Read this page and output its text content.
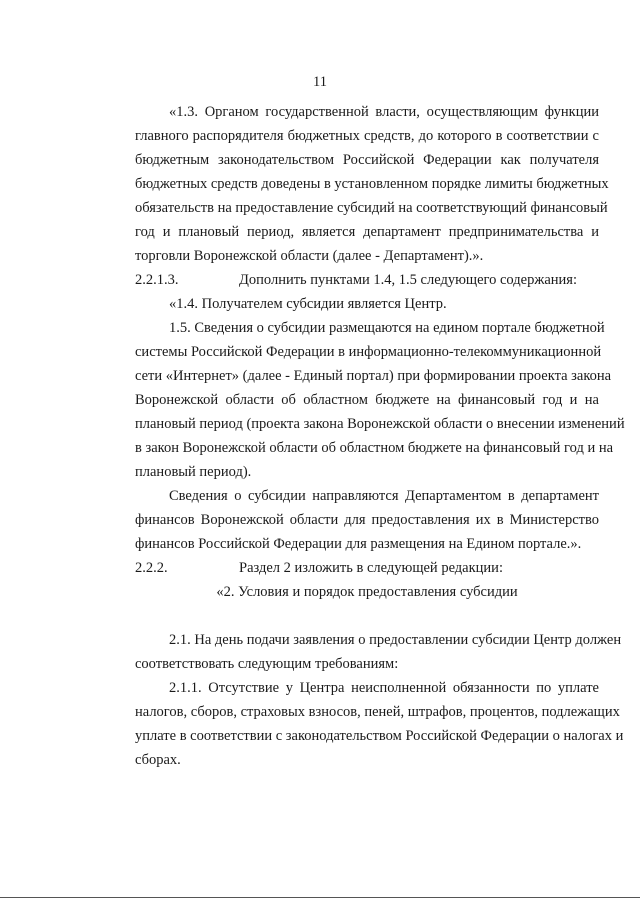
11
«1.3. Органом государственной власти, осуществляющим функции
главного распорядителя бюджетных средств, до которого в соответствии с
бюджетным законодательством Российской Федерации как получателя
бюджетных средств доведены в установленном порядке лимиты бюджетных
обязательств на предоставление субсидий на соответствующий финансовый
год и плановый период, является департамент предпринимательства и
торговли Воронежской области (далее - Департамент).».
2.2.1.3.	Дополнить пунктами 1.4, 1.5 следующего содержания:
«1.4. Получателем субсидии является Центр.
1.5. Сведения о субсидии размещаются на едином портале бюджетной
системы Российской Федерации в информационно-телекоммуникационной
сети «Интернет» (далее - Единый портал) при формировании проекта закона
Воронежской области об областном бюджете на финансовый год и на
плановый период (проекта закона Воронежской области о внесении изменений
в закон Воронежской области об областном бюджете на финансовый год и на
плановый период).
Сведения о субсидии направляются Департаментом в департамент
финансов Воронежской области для предоставления их в Министерство
финансов Российской Федерации для размещения на Едином портале.».
2.2.2.	Раздел 2 изложить в следующей редакции:
«2. Условия и порядок предоставления субсидии
2.1. На день подачи заявления о предоставлении субсидии Центр должен
соответствовать следующим требованиям:
2.1.1. Отсутствие у Центра неисполненной обязанности по уплате
налогов, сборов, страховых взносов, пеней, штрафов, процентов, подлежащих
уплате в соответствии с законодательством Российской Федерации о налогах и
сборах.
